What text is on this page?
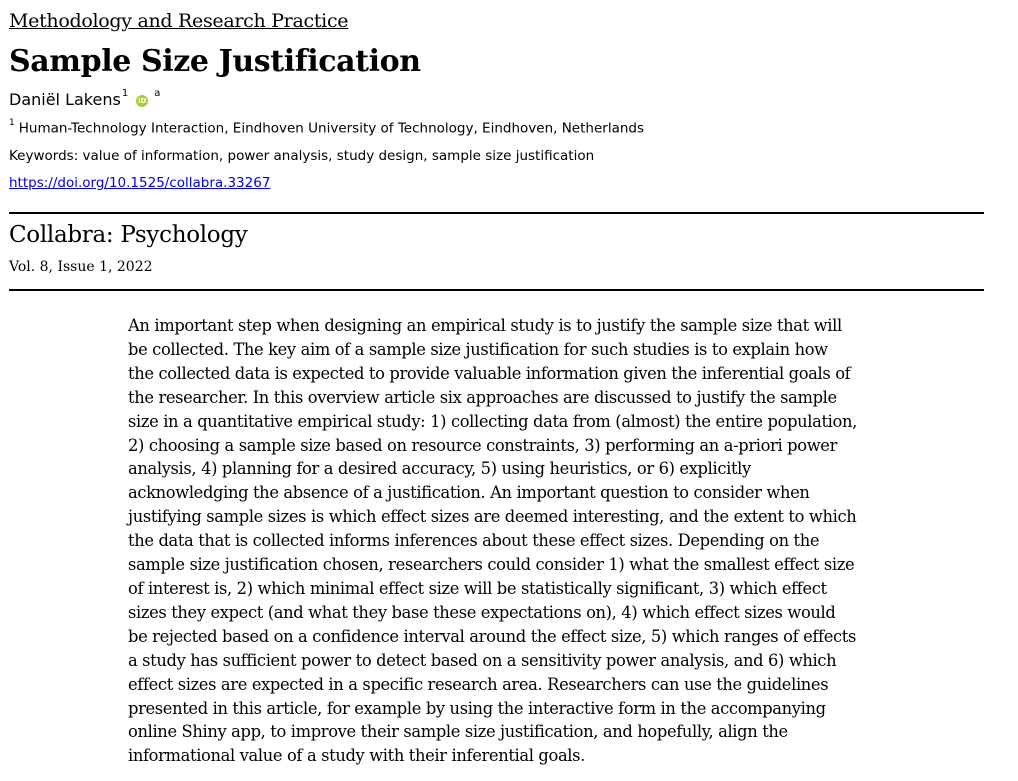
Methodology and Research Practice
Sample Size Justification
Daniël Lakens$^1$
iD
a
$^1$ Human-Technology Interaction, Eindhoven University of Technology, Eindhoven, Netherlands
Keywords: value of information, power analysis, study design, sample size justification
https://doi.org/10.1525/collabra.33267
Collabra: Psychology
Vol. 8, Issue 1, 2022

An important step when designing an empirical study is to justify the sample size that will be collected. The key aim of a sample size justification for such studies is to explain how the collected data is expected to provide valuable information given the inferential goals of the researcher. In this overview article six approaches are discussed to justify the sample size in a quantitative empirical study: 1) collecting data from (almost) the entire population, 2) choosing a sample size based on resource constraints, 3) performing an a-priori power analysis, 4) planning for a desired accuracy, 5) using heuristics, or 6) explicitly acknowledging the absence of a justification. An important question to consider when justifying sample sizes is which effect sizes are deemed interesting, and the extent to which the data that is collected informs inferences about these effect sizes. Depending on the sample size justification chosen, researchers could consider 1) what the smallest effect size of interest is, 2) which minimal effect size will be statistically significant, 3) which effect sizes they expect (and what they base these expectations on), 4) which effect sizes would be rejected based on a confidence interval around the effect size, 5) which ranges of effects a study has sufficient power to detect based on a sensitivity power analysis, and 6) which effect sizes are expected in a specific research area. Researchers can use the guidelines presented in this article, for example by using the interactive form in the accompanying online Shiny app, to improve their sample size justification, and hopefully, align the informational value of a study with their inferential goals.
